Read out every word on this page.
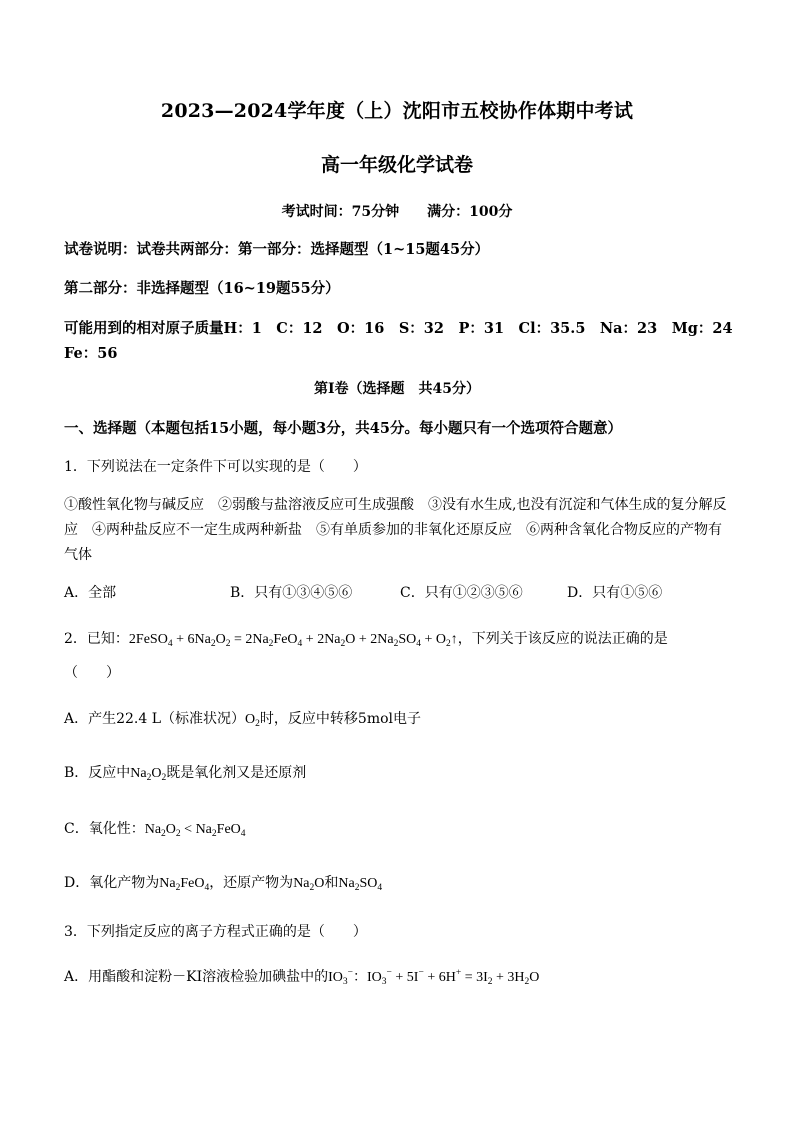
2023—2024学年度（上）沈阳市五校协作体期中考试
高一年级化学试卷
考试时间：75分钟　　满分：100分
试卷说明：试卷共两部分：第一部分：选择题型（1~15题45分）
第二部分：非选择题型（16~19题55分）
可能用到的相对原子质量H：1　C：12　O：16　S：32　P：31　Cl：35.5　Na：23　Mg：24
Fe：56
第Ⅰ卷（选择题　共45分）
一、选择题（本题包括15小题，每小题3分，共45分。每小题只有一个选项符合题意）
1．下列说法在一定条件下可以实现的是（　　）
①酸性氧化物与碱反应　②弱酸与盐溶液反应可生成强酸　③没有水生成,也没有沉淀和气体生成的复分解反
应　④两种盐反应不一定生成两种新盐　⑤有单质参加的非氧化还原反应　⑥两种含氧化合物反应的产物有
气体
A．全部	B．只有①③④⑤⑥	C．只有①②③⑤⑥	D．只有①⑤⑥
2．已知：2FeSO$_4$ + $6Na_2O_2 = 2Na_2FeO_4 + 2Na_2O + 2Na_2SO_4$ + $O_2↑$，下列关于该反应的说法正确的是
（　　）
A．产生22.4 L（标准状况）$O_2$时，反应中转移5mol电子
B．反应中$Na_2O_2$既是氧化剂又是还原剂
C．氧化性：$Na_2O_2 < Na_2FeO_4$
D．氧化产物为$Na_2FeO_4$，还原产物为$Na_2O$和$Na_2SO_4$
3．下列指定反应的离子方程式正确的是（　　）
A．用酯酸和淀粉－KI溶液检验加碘盐中的$IO_3^-$：$IO_3^- + 5I^- + 6H^+ = 3I_2 + 3H_2O$
